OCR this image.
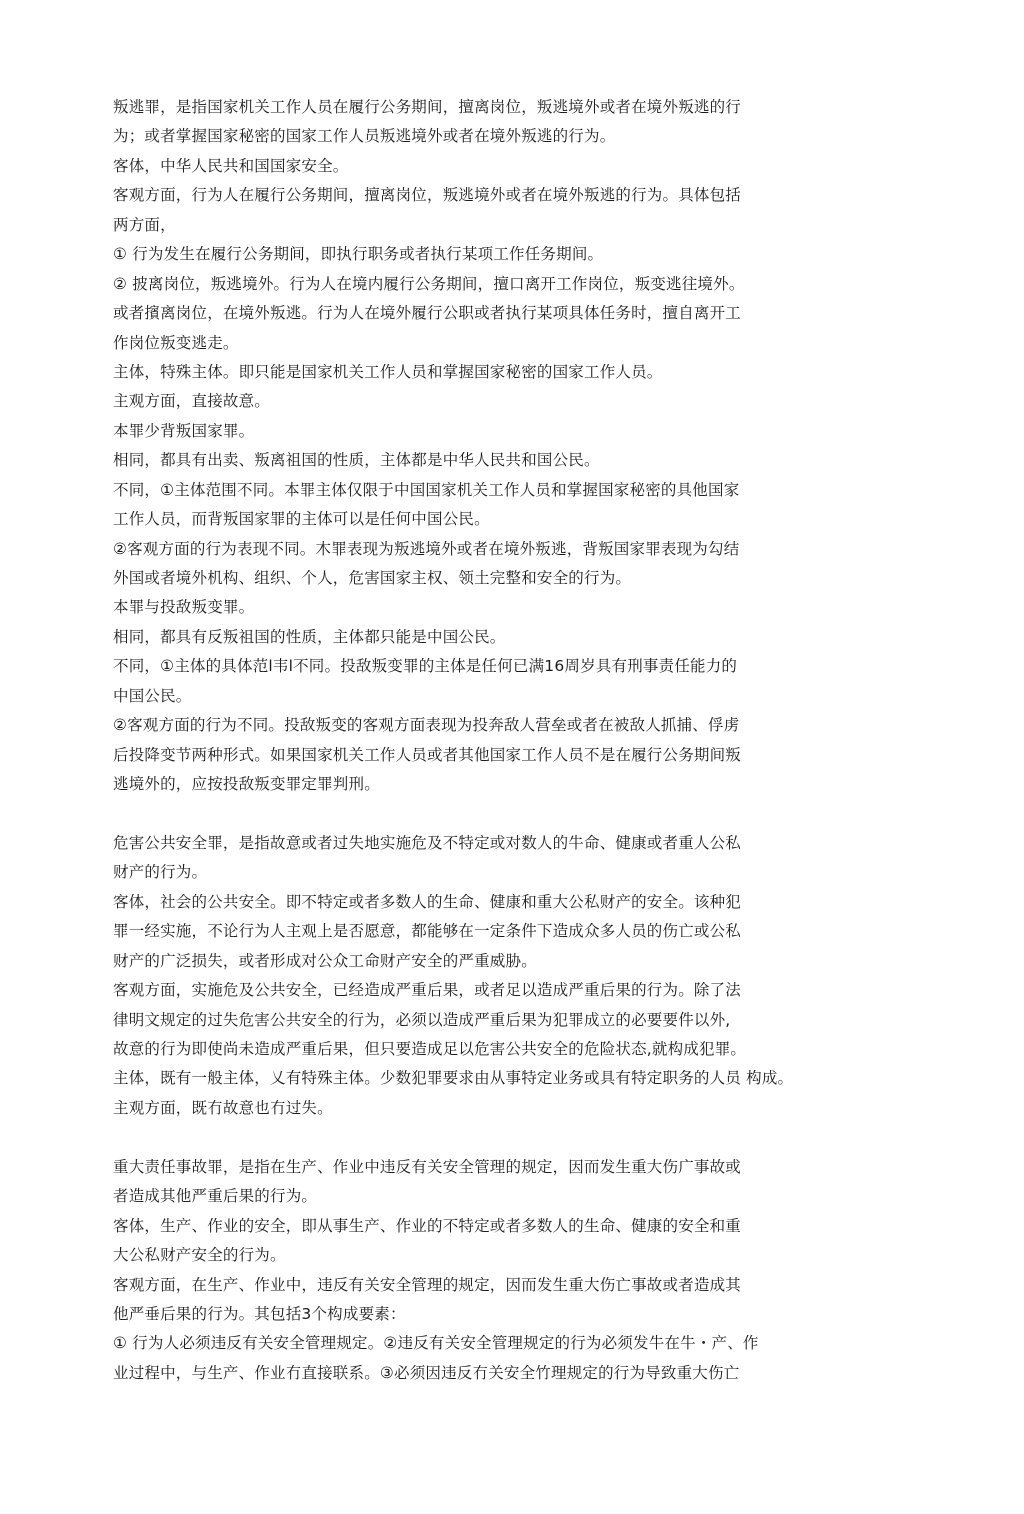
叛逃罪，是指国家机关工作人员在履行公务期间，擅离岗位，叛逃境外或者在境外叛逃的行
为；或者掌握国家秘密的国家工作人员叛逃境外或者在境外叛逃的行为。
客体，中华人民共和国国家安全。
客观方面，行为人在履行公务期间，擅离岗位，叛逃境外或者在境外叛逃的行为。具体包括
两方面，
① 行为发生在履行公务期间，即执行职务或者执行某项工作任务期间。
② 披离岗位，叛逃境外。行为人在境内履行公务期间，擅口离开工作岗位，叛变逃往境外。
或者擯离岗位，在境外叛逃。行为人在境外履行公职或者执行某项具体任务时，擅自离开工
作岗位叛变逃走。
主体，特殊主体。即只能是国家机关工作人员和掌握国家秘密的国家工作人员。
主观方面，直接故意。
本罪少背叛国家罪。
相同，都具有出卖、叛离祖国的性质，主体都是中华人民共和国公民。
不同，①主体范围不同。本罪主体仅限于中国国家机关工作人员和掌握国家秘密的具他国家
工作人员，而背叛国家罪的主体可以是任何中国公民。
②客观方面的行为表现不同。木罪表现为叛逃境外或者在境外叛逃，背叛国家罪表现为勾结
外国或者境外机构、组织、个人，危害国家主权、领土完整和安全的行为。
本罪与投敌叛变罪。
相同，都具有反叛祖国的性质，主体都只能是中国公民。
不同，①主体的具体范l韦l不同。投敌叛变罪的主体是任何已满16周岁具有刑事责任能力的
中国公民。
②客观方面的行为不同。投敌叛变的客观方面表现为投奔敌人营垒或者在被敌人抓捕、俘虏
后投降变节两种形式。如果国家机关工作人员或者其他国家工作人员不是在履行公务期间叛
逃境外的，应按投敌叛变罪定罪判刑。
危害公共安全罪，是指故意或者过失地实施危及不特定或对数人的牛命、健康或者重人公私
财产的行为。
客体，社会的公共安全。即不特定或者多数人的生命、健康和重大公私财产的安全。该种犯
罪一经实施，不论行为人主观上是否愿意，都能够在一定条件下造成众多人员的伤亡或公私
财产的广泛损失，或者形成对公众工命财产安全的严重威胁。
客观方面，实施危及公共安全，已经造成严重后果，或者足以造成严重后果的行为。除了法
律明文规定的过失危害公共安全的行为，必须以造成严重后果为犯罪成立的必要要件以外,
故意的行为即使尚未造成严重后果，但只要造成足以危害公共安全的危险状态,就构成犯罪。
主体，既有一般主体，乂有特殊主体。少数犯罪要求由从事特定业务或具有特定职务的人员 构成。
主观方面，既冇故意也冇过失。
重大责任事故罪，是指在生产、作业中违反有关安全管理的规定，因而发生重大伤广事故或
者造成其他严重后果的行为。
客体，生产、作业的安全，即从事生产、作业的不特定或者多数人的生命、健康的安全和重
大公私财产安全的行为。
客观方面，在生产、作业中，违反有关安全管理的规定，因而发生重大伤亡事故或者造成其
他严垂后果的行为。其包括3个构成要素：
① 行为人必须违反有关安全管理规定。②违反有关安全管理规定的行为必须发牛在牛・产、作
业过程中，与生产、作业冇直接联系。③必须因违反冇关安全竹理规定的行为导致重大伤亡
